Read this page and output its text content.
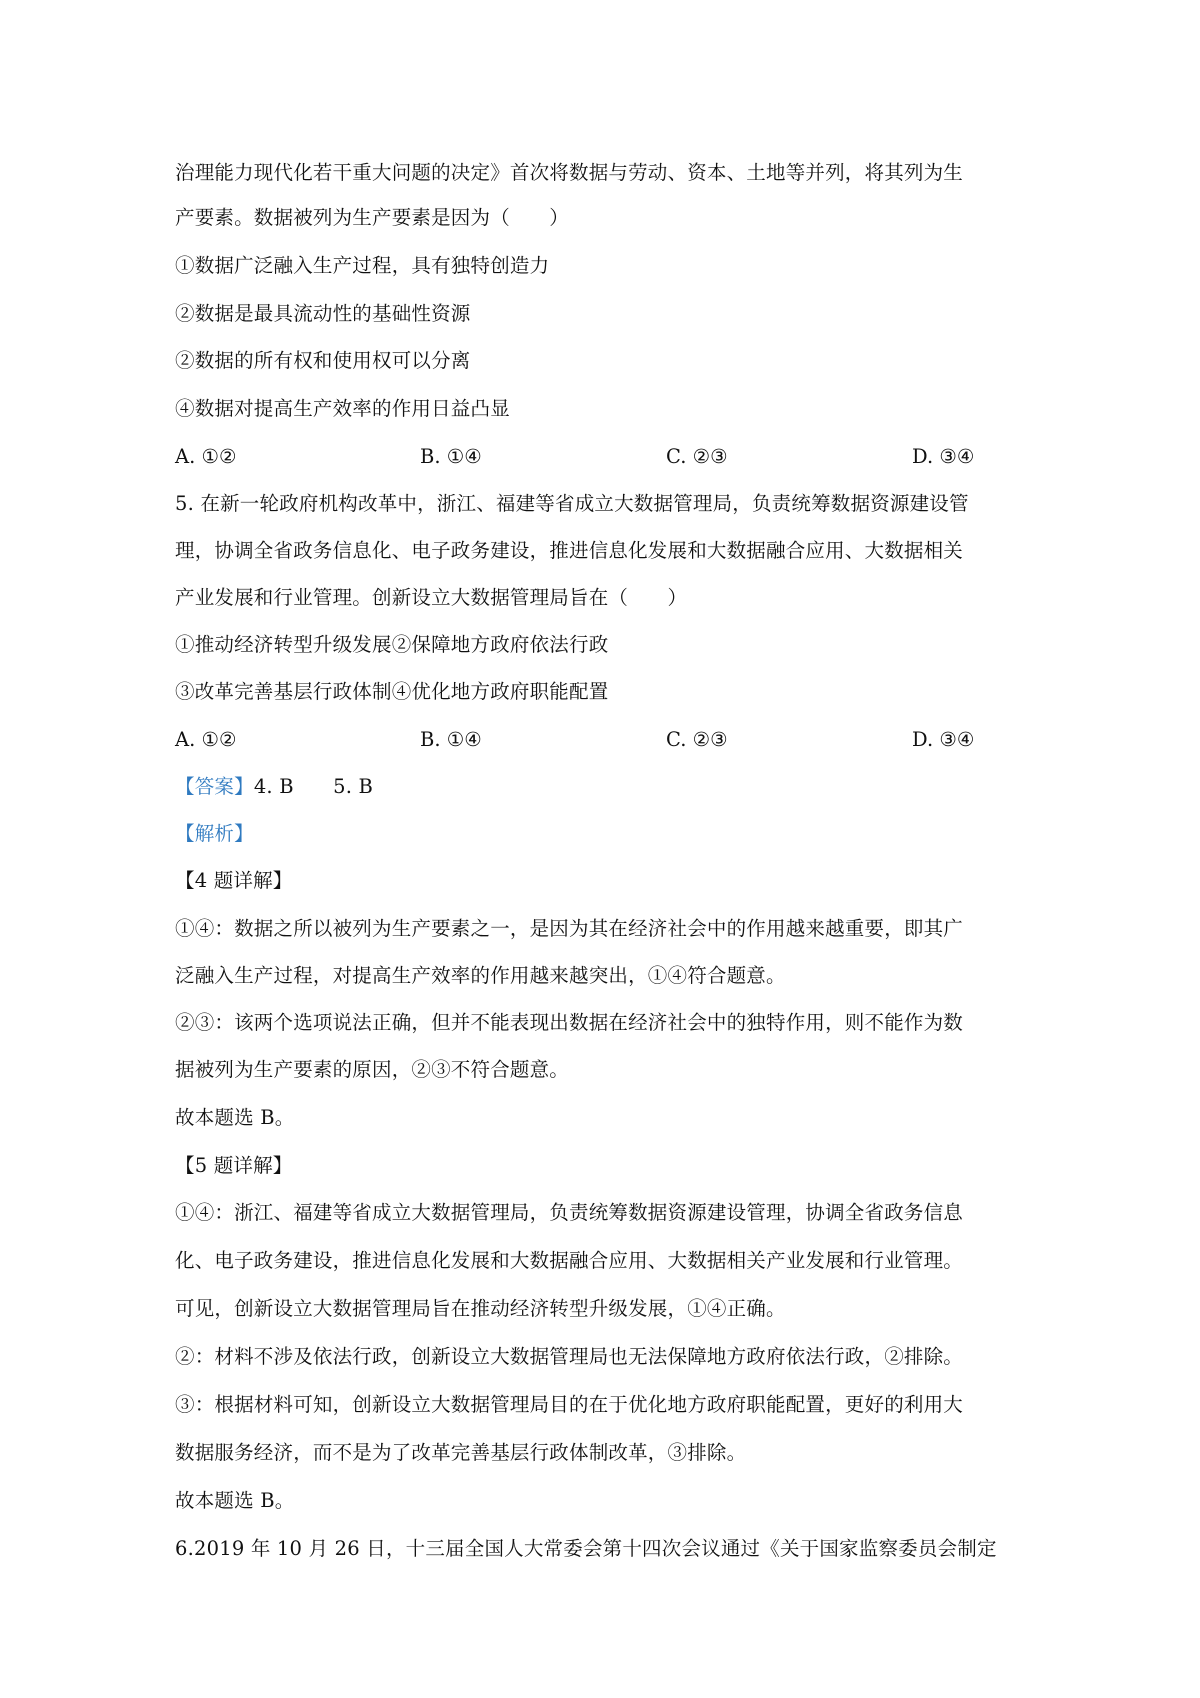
治理能力现代化若干重大问题的决定》首次将数据与劳动、资本、土地等并列，将其列为生
产要素。数据被列为生产要素是因为（　　）
①数据广泛融入生产过程，具有独特创造力
②数据是最具流动性的基础性资源
②数据的所有权和使用权可以分离
④数据对提高生产效率的作用日益凸显
A. ①②	B. ①④	C. ②③	D. ③④
5. 在新一轮政府机构改革中，浙江、福建等省成立大数据管理局，负责统筹数据资源建设管
理，协调全省政务信息化、电子政务建设，推进信息化发展和大数据融合应用、大数据相关
产业发展和行业管理。创新设立大数据管理局旨在（　　）
①推动经济转型升级发展②保障地方政府依法行政
③改革完善基层行政体制④优化地方政府职能配置
A. ①②	B. ①④	C. ②③	D. ③④
【答案】4. B　　5. B
【解析】
【4 题详解】
①④：数据之所以被列为生产要素之一，是因为其在经济社会中的作用越来越重要，即其广
泛融入生产过程，对提高生产效率的作用越来越突出，①④符合题意。
②③：该两个选项说法正确，但并不能表现出数据在经济社会中的独特作用，则不能作为数
据被列为生产要素的原因，②③不符合题意。
故本题选 B。
【5 题详解】
①④：浙江、福建等省成立大数据管理局，负责统筹数据资源建设管理，协调全省政务信息
化、电子政务建设，推进信息化发展和大数据融合应用、大数据相关产业发展和行业管理。
可见，创新设立大数据管理局旨在推动经济转型升级发展，①④正确。
②：材料不涉及依法行政，创新设立大数据管理局也无法保障地方政府依法行政，②排除。
③：根据材料可知，创新设立大数据管理局目的在于优化地方政府职能配置，更好的利用大
数据服务经济，而不是为了改革完善基层行政体制改革，③排除。
故本题选 B。
6.2019 年 10 月 26 日，十三届全国人大常委会第十四次会议通过《关于国家监察委员会制定
